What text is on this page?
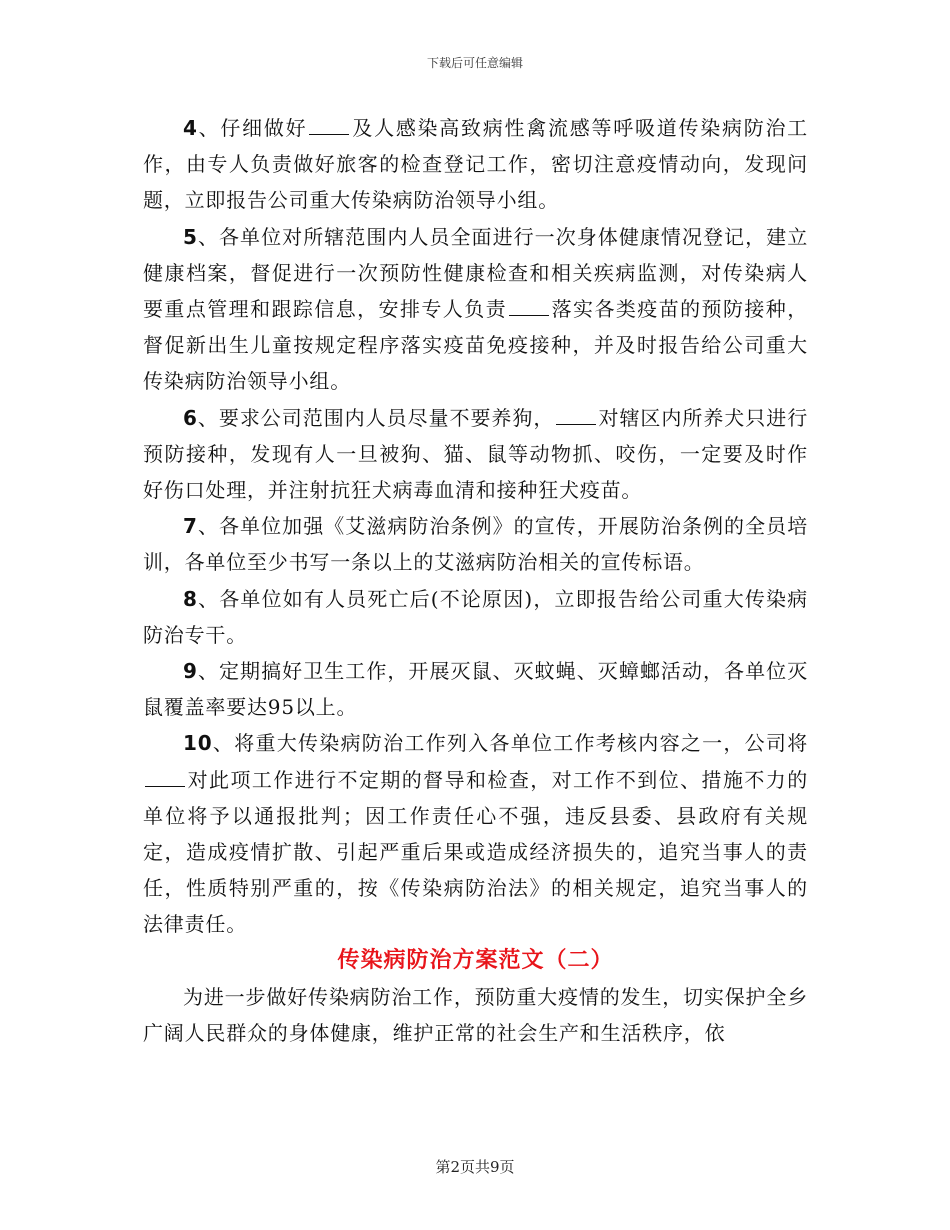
下载后可任意编辑

4、仔细做好 及人感染高致病性禽流感等呼吸道传染病防治工作，由专人负责做好旅客的检查登记工作，密切注意疫情动向，发现问题，立即报告公司重大传染病防治领导小组。

5、各单位对所辖范围内人员全面进行一次身体健康情况登记，建立健康档案，督促进行一次预防性健康检查和相关疾病监测，对传染病人要重点管理和跟踪信息，安排专人负责 落实各类疫苗的预防接种，督促新出生儿童按规定程序落实疫苗免疫接种，并及时报告给公司重大传染病防治领导小组。

6、要求公司范围内人员尽量不要养狗， 对辖区内所养犬只进行预防接种，发现有人一旦被狗、猫、鼠等动物抓、咬伤，一定要及时作好伤口处理，并注射抗狂犬病毒血清和接种狂犬疫苗。

7、各单位加强《艾滋病防治条例》的宣传，开展防治条例的全员培训，各单位至少书写一条以上的艾滋病防治相关的宣传标语。

8、各单位如有人员死亡后(不论原因)，立即报告给公司重大传染病防治专干。

9、定期搞好卫生工作，开展灭鼠、灭蚊蝇、灭蟑螂活动，各单位灭鼠覆盖率要达95以上。

10、将重大传染病防治工作列入各单位工作考核内容之一，公司将对此项工作进行不定期的督导和检查，对工作不到位、措施不力的单位将予以通报批判；因工作责任心不强，违反县委、县政府有关规定，造成疫情扩散、引起严重后果或造成经济损失的，追究当事人的责任，性质特别严重的，按《传染病防治法》的相关规定，追究当事人的法律责任。

传染病防治方案范文（二）

为进一步做好传染病防治工作，预防重大疫情的发生，切实保护全乡广阔人民群众的身体健康，维护正常的社会生产和生活秩序，依

第2页共9页
